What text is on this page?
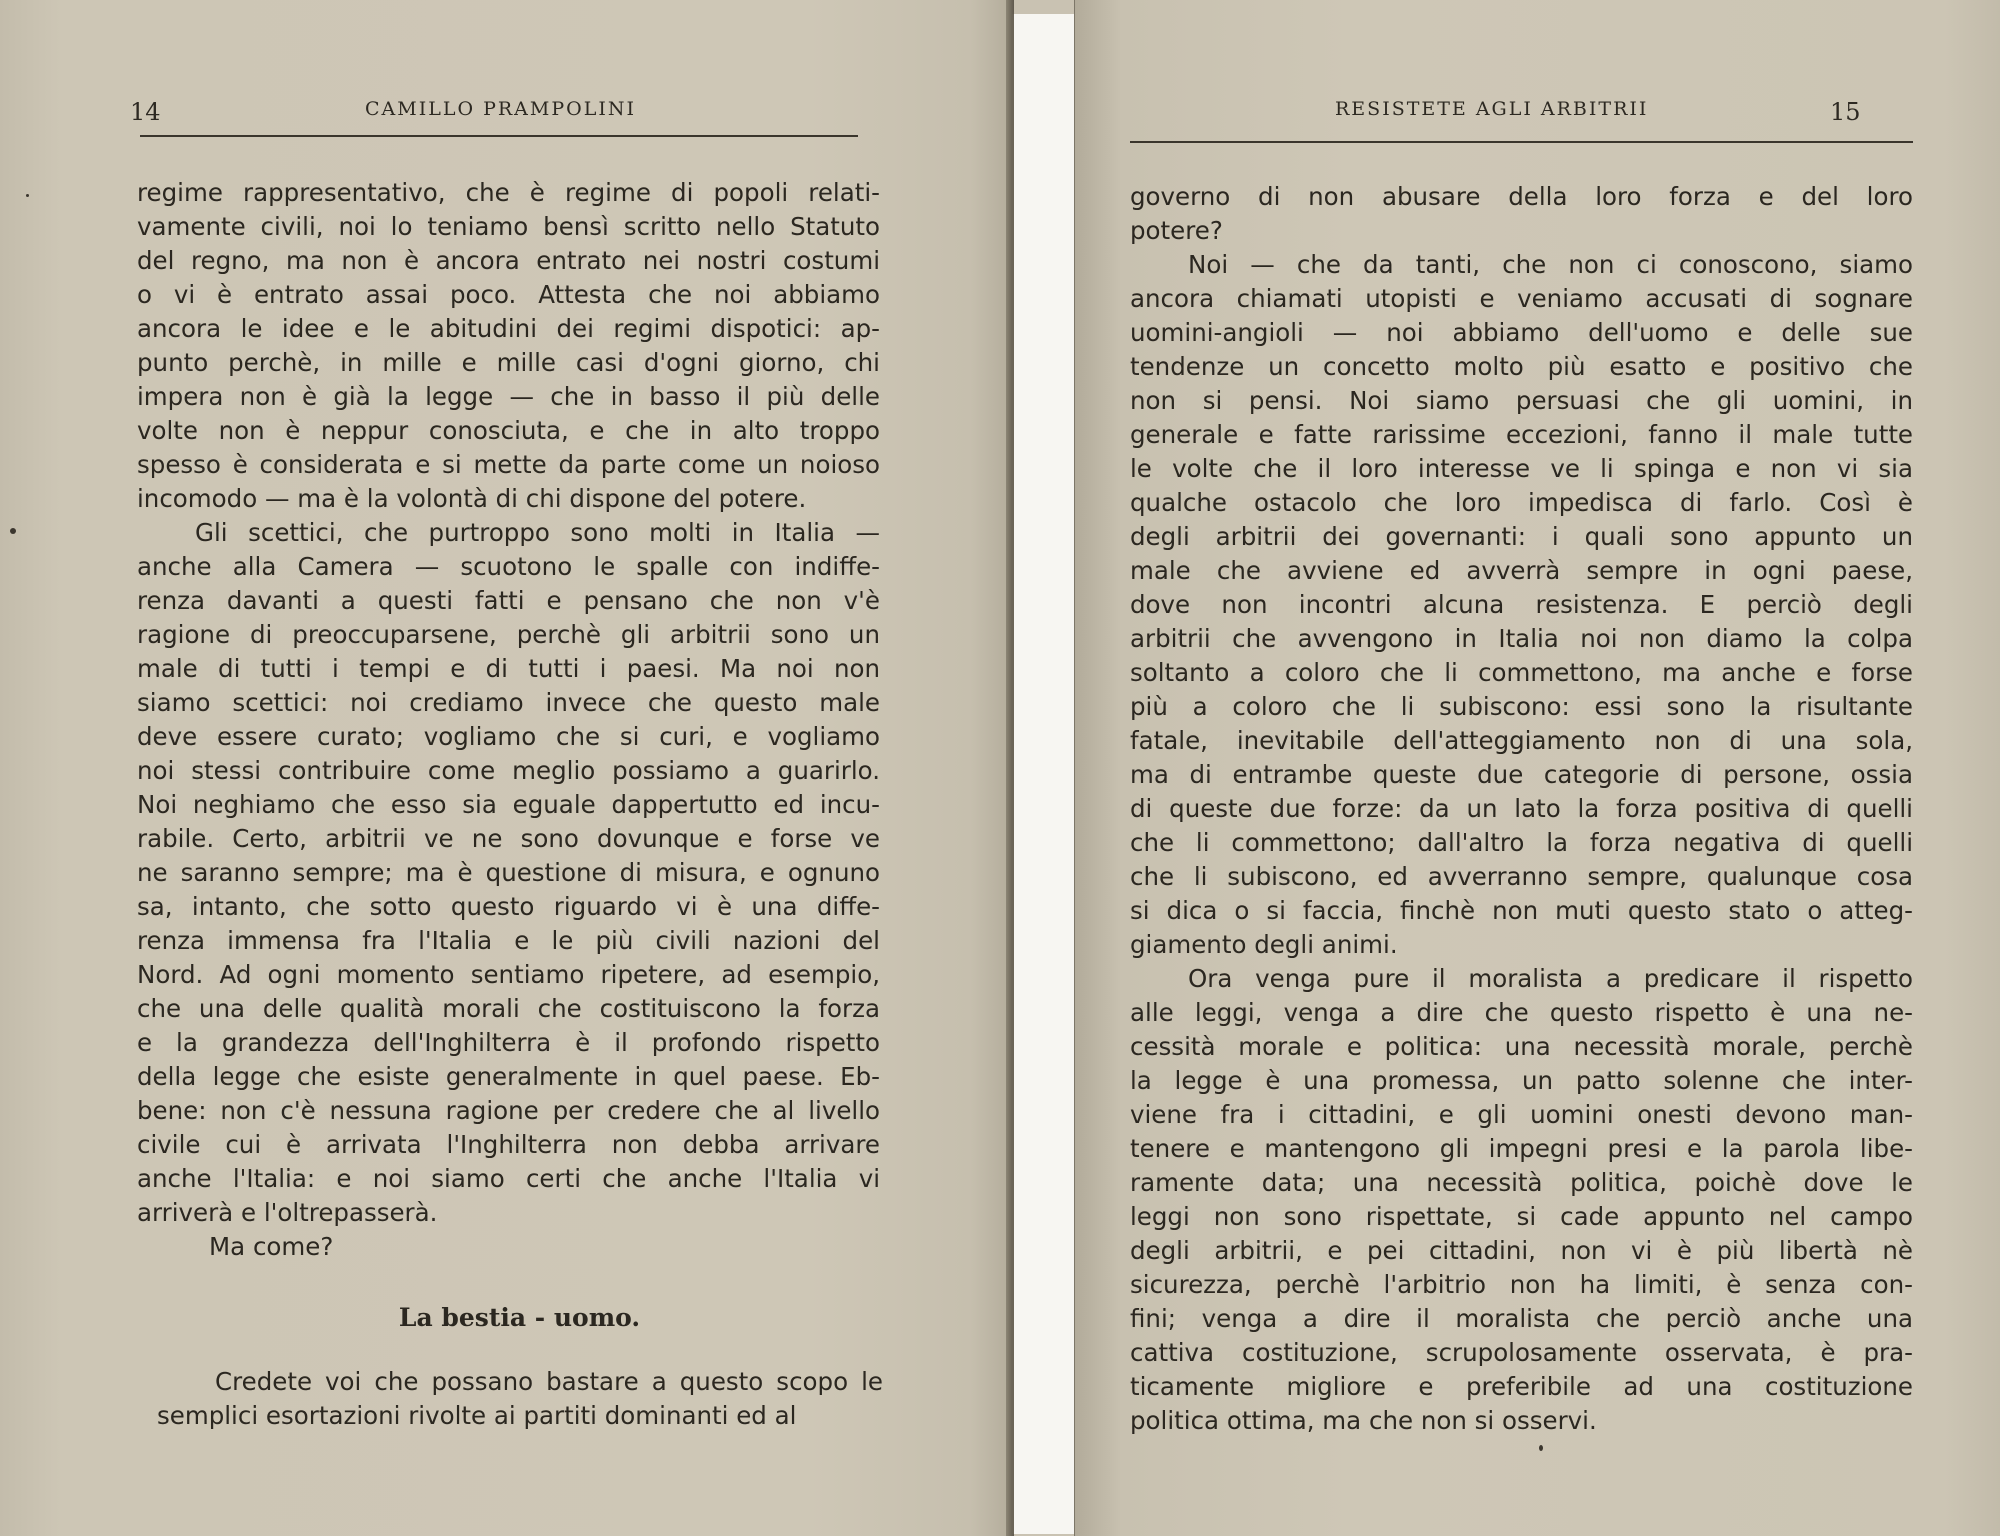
14	CAMILLO PRAMPOLINI

regime rappresentativo, che è regime di popoli relati-

vamente civili, noi lo teniamo bensì scritto nello Statuto

del regno, ma non è ancora entrato nei nostri costumi

o vi è entrato assai poco. Attesta che noi abbiamo

ancora le idee e le abitudini dei regimi dispotici: ap-

punto perchè, in mille e mille casi d'ogni giorno, chi

impera non è già la legge — che in basso il più delle

volte non è neppur conosciuta, e che in alto troppo

spesso è considerata e si mette da parte come un noioso

incomodo — ma è la volontà di chi dispone del potere.

Gli scettici, che purtroppo sono molti in Italia —

anche alla Camera — scuotono le spalle con indiffe-

renza davanti a questi fatti e pensano che non v'è

ragione di preoccuparsene, perchè gli arbitrii sono un

male di tutti i tempi e di tutti i paesi. Ma noi non

siamo scettici: noi crediamo invece che questo male

deve essere curato; vogliamo che si curi, e vogliamo

noi stessi contribuire come meglio possiamo a guarirlo.

Noi neghiamo che esso sia eguale dappertutto ed incu-

rabile. Certo, arbitrii ve ne sono dovunque e forse ve

ne saranno sempre; ma è questione di misura, e ognuno

sa, intanto, che sotto questo riguardo vi è una diffe-

renza immensa fra l'Italia e le più civili nazioni del

Nord. Ad ogni momento sentiamo ripetere, ad esempio,

che una delle qualità morali che costituiscono la forza

e la grandezza dell'Inghilterra è il profondo rispetto

della legge che esiste generalmente in quel paese. Eb-

bene: non c'è nessuna ragione per credere che al livello

civile cui è arrivata l'Inghilterra non debba arrivare

anche l'Italia: e noi siamo certi che anche l'Italia vi

arriverà e l'oltrepasserà.

Ma come?

La bestia - uomo.

Credete voi che possano bastare a questo scopo le

semplici esortazioni rivolte ai partiti dominanti ed al

RESISTETE AGLI ARBITRII	15

governo di non abusare della loro forza e del loro

potere?

Noi — che da tanti, che non ci conoscono, siamo

ancora chiamati utopisti e veniamo accusati di sognare

uomini-angioli — noi abbiamo dell'uomo e delle sue

tendenze un concetto molto più esatto e positivo che

non si pensi. Noi siamo persuasi che gli uomini, in

generale e fatte rarissime eccezioni, fanno il male tutte

le volte che il loro interesse ve li spinga e non vi sia

qualche ostacolo che loro impedisca di farlo. Così è

degli arbitrii dei governanti: i quali sono appunto un

male che avviene ed avverrà sempre in ogni paese,

dove non incontri alcuna resistenza. E perciò degli

arbitrii che avvengono in Italia noi non diamo la colpa

soltanto a coloro che li commettono, ma anche e forse

più a coloro che li subiscono: essi sono la risultante

fatale, inevitabile dell'atteggiamento non di una sola,

ma di entrambe queste due categorie di persone, ossia

di queste due forze: da un lato la forza positiva di quelli

che li commettono; dall'altro la forza negativa di quelli

che li subiscono, ed avverranno sempre, qualunque cosa

si dica o si faccia, finchè non muti questo stato o atteg-

giamento degli animi.

Ora venga pure il moralista a predicare il rispetto

alle leggi, venga a dire che questo rispetto è una ne-

cessità morale e politica: una necessità morale, perchè

la legge è una promessa, un patto solenne che inter-

viene fra i cittadini, e gli uomini onesti devono man-

tenere e mantengono gli impegni presi e la parola libe-

ramente data; una necessità politica, poichè dove le

leggi non sono rispettate, si cade appunto nel campo

degli arbitrii, e pei cittadini, non vi è più libertà nè

sicurezza, perchè l'arbitrio non ha limiti, è senza con-

fini; venga a dire il moralista che perciò anche una

cattiva costituzione, scrupolosamente osservata, è pra-

ticamente migliore e preferibile ad una costituzione

politica ottima, ma che non si osservi.
